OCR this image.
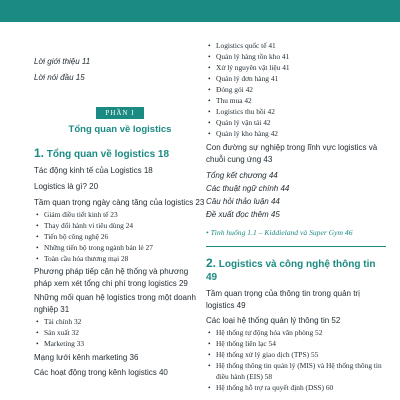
Lời giới thiệu 11

Lời nói đầu 15

PHẦN I
Tổng quan về logistics
1. Tổng quan về logistics 18

Tác động kinh tế của Logistics 18

Logistics là gì? 20

Tầm quan trọng ngày càng tăng của logistics 23

• Giảm điều tiết kinh tế 23

• Thay đổi hành vi tiêu dùng 24

• Tiến bộ công nghệ 26

• Những tiến bộ trong ngành bán lẻ 27

• Toàn cầu hóa thương mại 28

Phương pháp tiếp cận hệ thống và phương pháp xem xét tổng chi phí trong logistics 29

Những mối quan hệ logistics trong một doanh nghiệp 31

• Tài chính 32

• Sản xuất 32

• Marketing 33

Mạng lưới kênh marketing 36

Các hoạt động trong kênh logistics 40

• Logistics quốc tế 41

• Quản lý hàng tồn kho 41

• Xử lý nguyên vật liệu 41

• Quản lý đơn hàng 41

• Đóng gói 42

• Thu mua 42

• Logistics thu hồi 42

• Quản lý vận tải 42

• Quản lý kho hàng 42

Con đường sự nghiệp trong lĩnh vực logistics và chuỗi cung ứng 43

Tổng kết chương 44

Các thuật ngữ chính 44

Câu hỏi thảo luận 44

Đề xuất đọc thêm 45

• Tình huống 1.1 – Kiddieland và Super Gym 46

2. Logistics và công nghệ thông tin 49

Tầm quan trọng của thông tin trong quản trị logistics 49

Các loại hệ thống quản lý thông tin 52

• Hệ thống tự động hóa văn phòng 52

• Hệ thống liên lạc 54

• Hệ thống xử lý giao dịch (TPS) 55

• Hệ thống thông tin quản lý (MIS) và Hệ thống thông tin điều hành (EIS) 58

• Hệ thống hỗ trợ ra quyết định (DSS) 60
